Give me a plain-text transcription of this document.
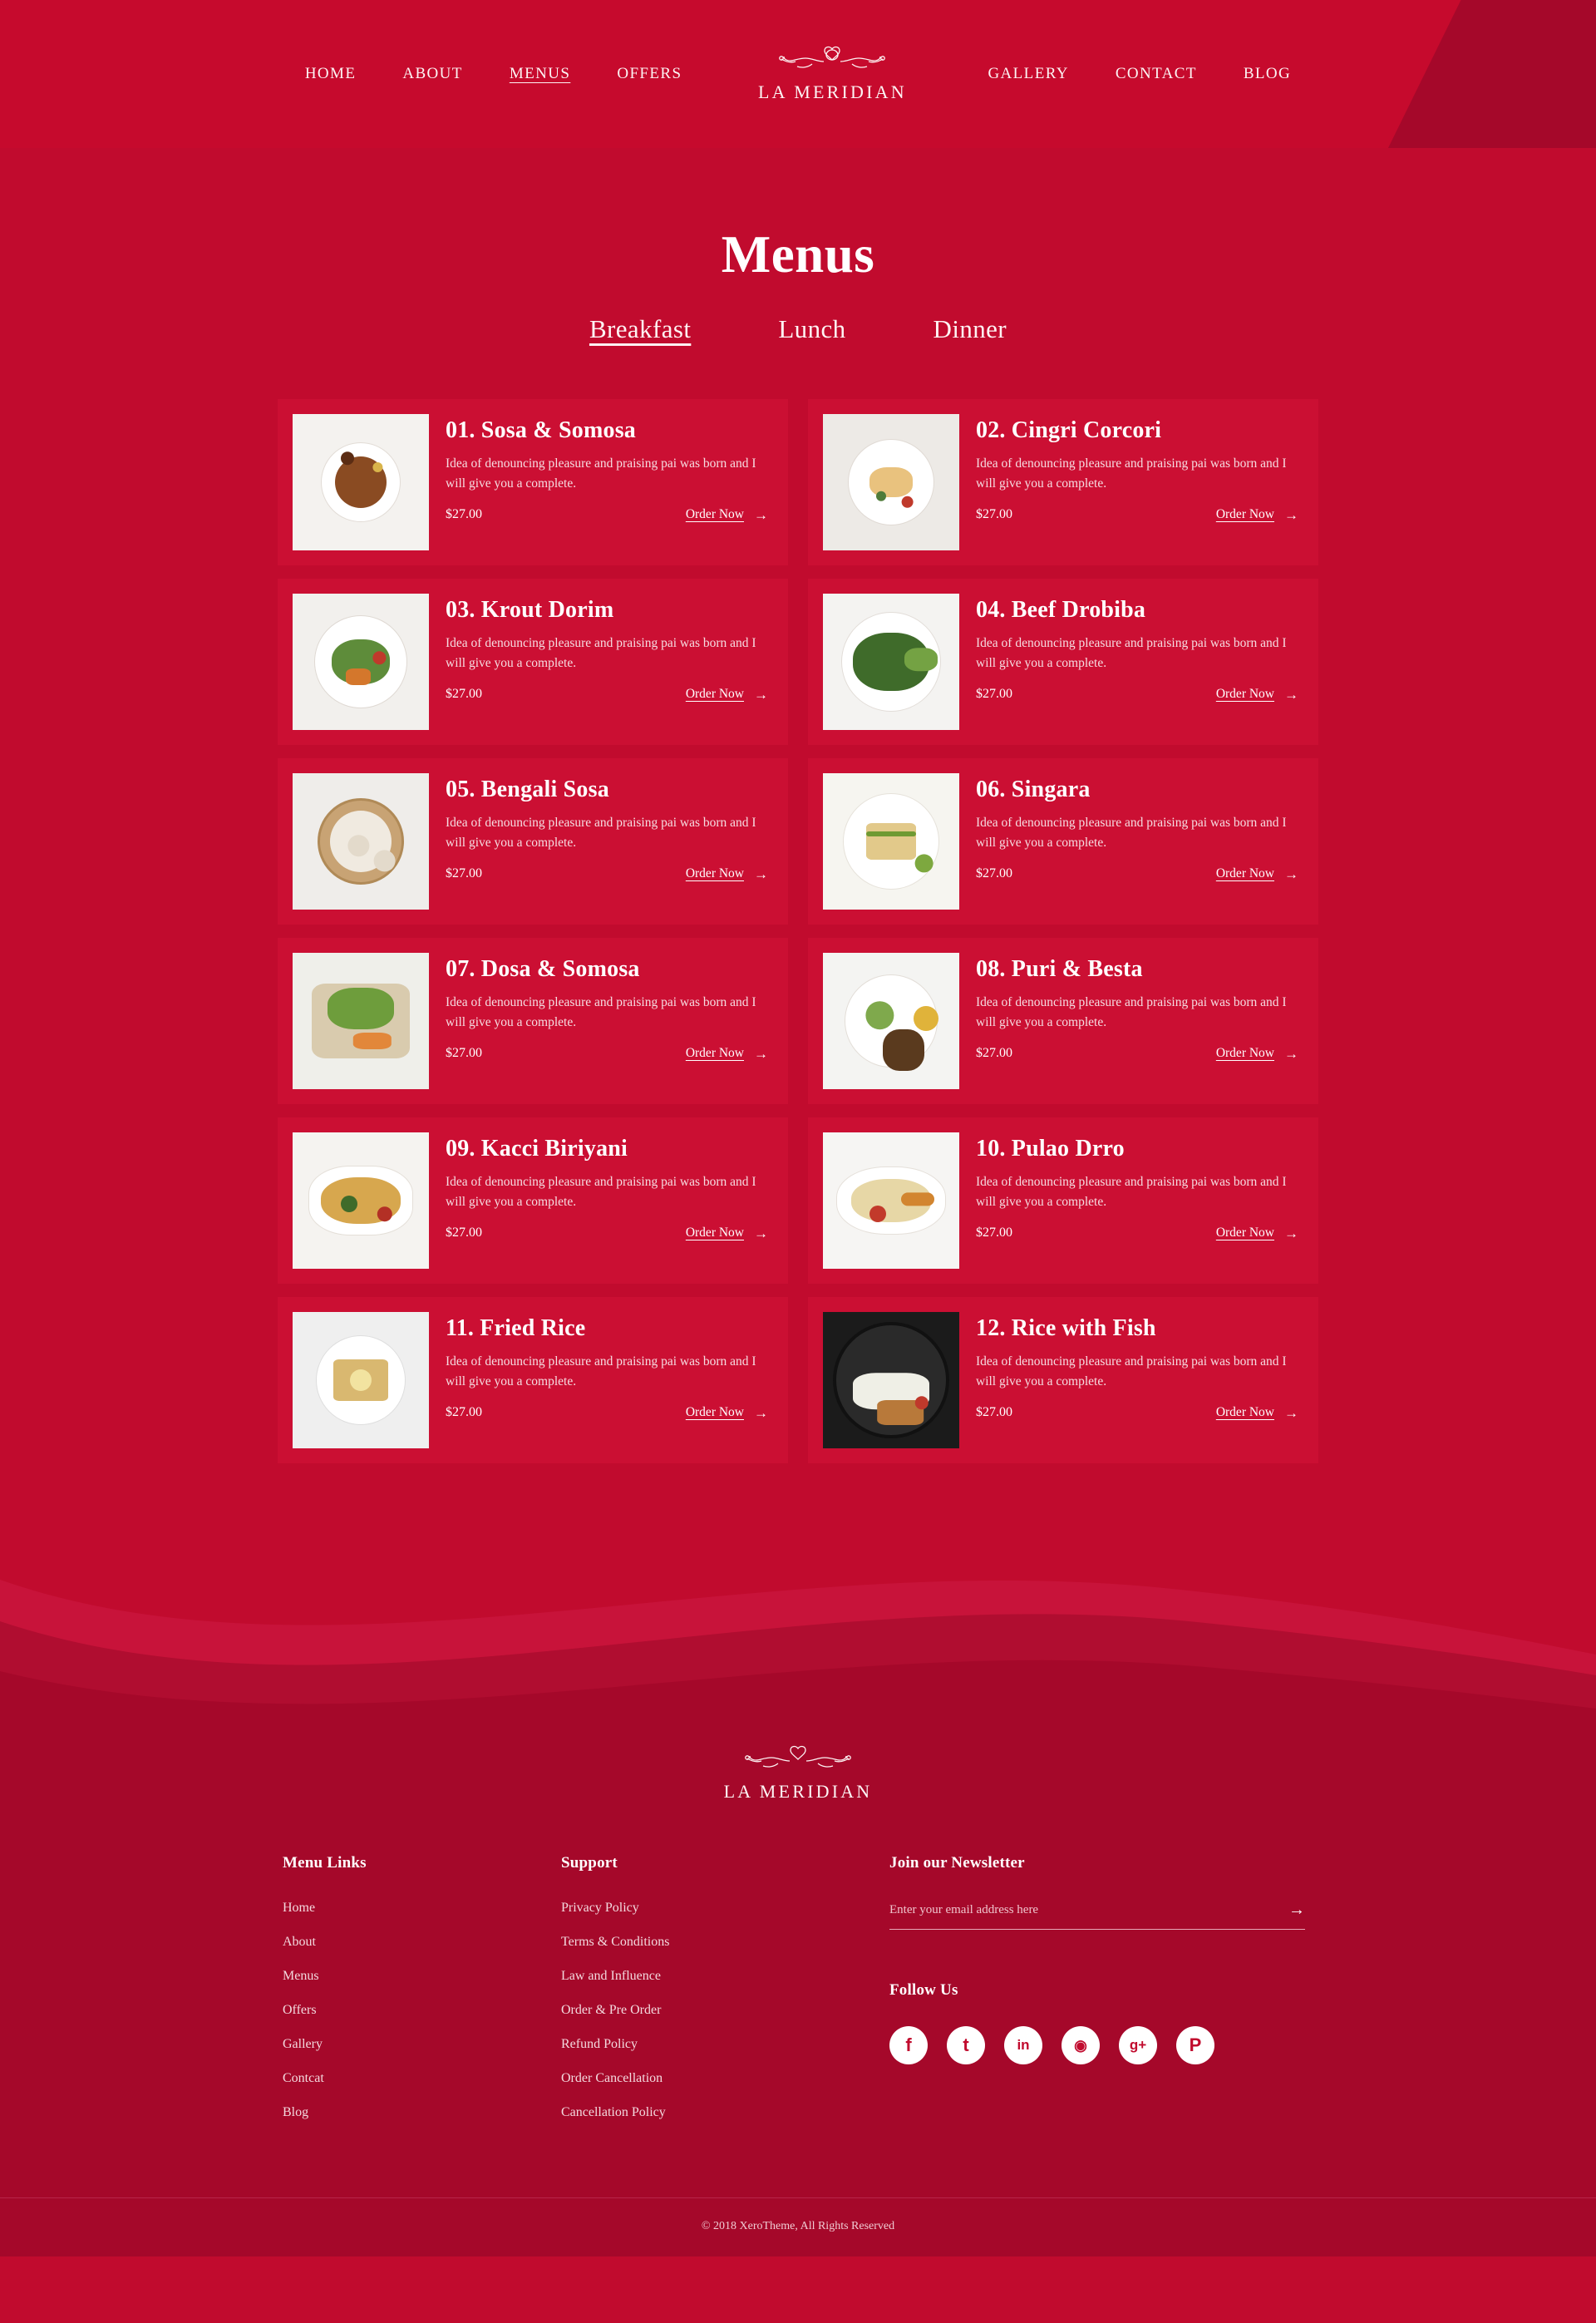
HOME	ABOUT	MENUS	OFFERS
LA MERIDIAN
GALLERY	CONTACT	BLOG
Menus
Breakfast	Lunch	Dinner
01. Sosa & Somosa
Idea of denouncing pleasure and praising pai was born and I will give you a complete.
$27.00	Order Now →
02. Cingri Corcori
Idea of denouncing pleasure and praising pai was born and I will give you a complete.
$27.00	Order Now →
03. Krout Dorim
Idea of denouncing pleasure and praising pai was born and I will give you a complete.
$27.00	Order Now →
04. Beef Drobiba
Idea of denouncing pleasure and praising pai was born and I will give you a complete.
$27.00	Order Now →
05. Bengali Sosa
Idea of denouncing pleasure and praising pai was born and I will give you a complete.
$27.00	Order Now →
06. Singara
Idea of denouncing pleasure and praising pai was born and I will give you a complete.
$27.00	Order Now →
07. Dosa & Somosa
Idea of denouncing pleasure and praising pai was born and I will give you a complete.
$27.00	Order Now →
08. Puri & Besta
Idea of denouncing pleasure and praising pai was born and I will give you a complete.
$27.00	Order Now →
09. Kacci Biriyani
Idea of denouncing pleasure and praising pai was born and I will give you a complete.
$27.00	Order Now →
10. Pulao Drro
Idea of denouncing pleasure and praising pai was born and I will give you a complete.
$27.00	Order Now →
11. Fried Rice
Idea of denouncing pleasure and praising pai was born and I will give you a complete.
$27.00	Order Now →
12. Rice with Fish
Idea of denouncing pleasure and praising pai was born and I will give you a complete.
$27.00	Order Now →
LA MERIDIAN
Menu Links
Home
About
Menus
Offers
Gallery
Contcat
Blog
Support
Privacy Policy
Terms & Conditions
Law and Influence
Order & Pre Order
Refund Policy
Order Cancellation
Cancellation Policy
Join our Newsletter
Enter your email address here
→
Follow Us
f	t	in	◉	g+	P
© 2018 XeroTheme, All Rights Reserved
